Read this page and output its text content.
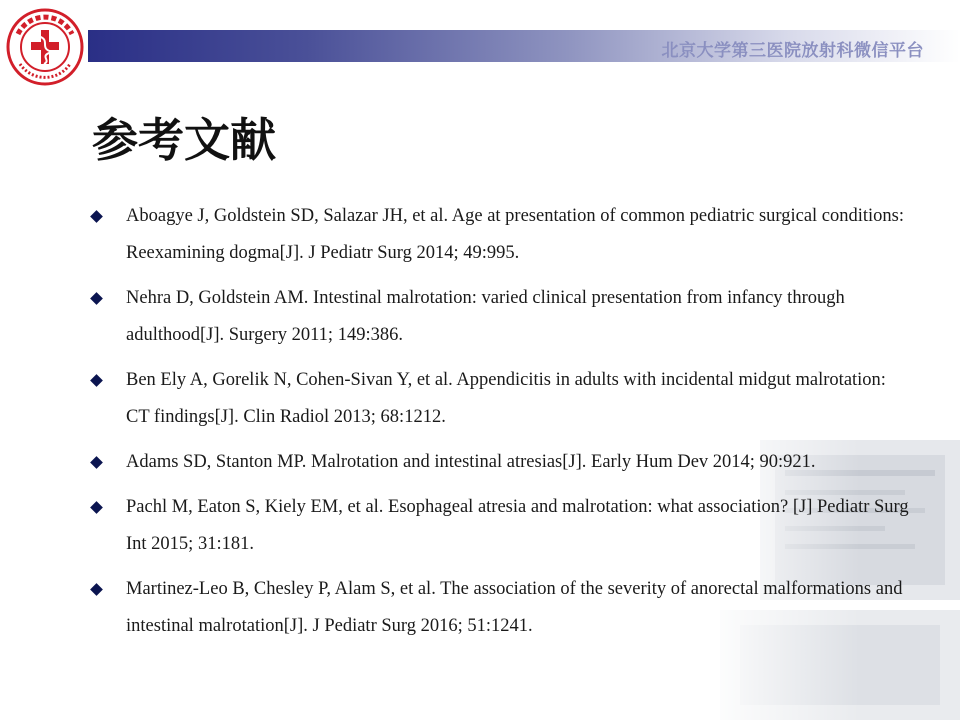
北京大学第三医院放射科微信平台
参考文献
Aboagye J, Goldstein SD, Salazar JH, et al. Age at presentation of common pediatric surgical conditions: Reexamining dogma[J]. J Pediatr Surg 2014; 49:995.
Nehra D, Goldstein AM. Intestinal malrotation: varied clinical presentation from infancy through adulthood[J]. Surgery 2011; 149:386.
Ben Ely A, Gorelik N, Cohen-Sivan Y, et al. Appendicitis in adults with incidental midgut malrotation: CT findings[J]. Clin Radiol 2013; 68:1212.
Adams SD, Stanton MP. Malrotation and intestinal atresias[J]. Early Hum Dev 2014; 90:921.
Pachl M, Eaton S, Kiely EM, et al. Esophageal atresia and malrotation: what association? [J] Pediatr Surg Int 2015; 31:181.
Martinez-Leo B, Chesley P, Alam S, et al. The association of the severity of anorectal malformations and intestinal malrotation[J]. J Pediatr Surg 2016; 51:1241.
